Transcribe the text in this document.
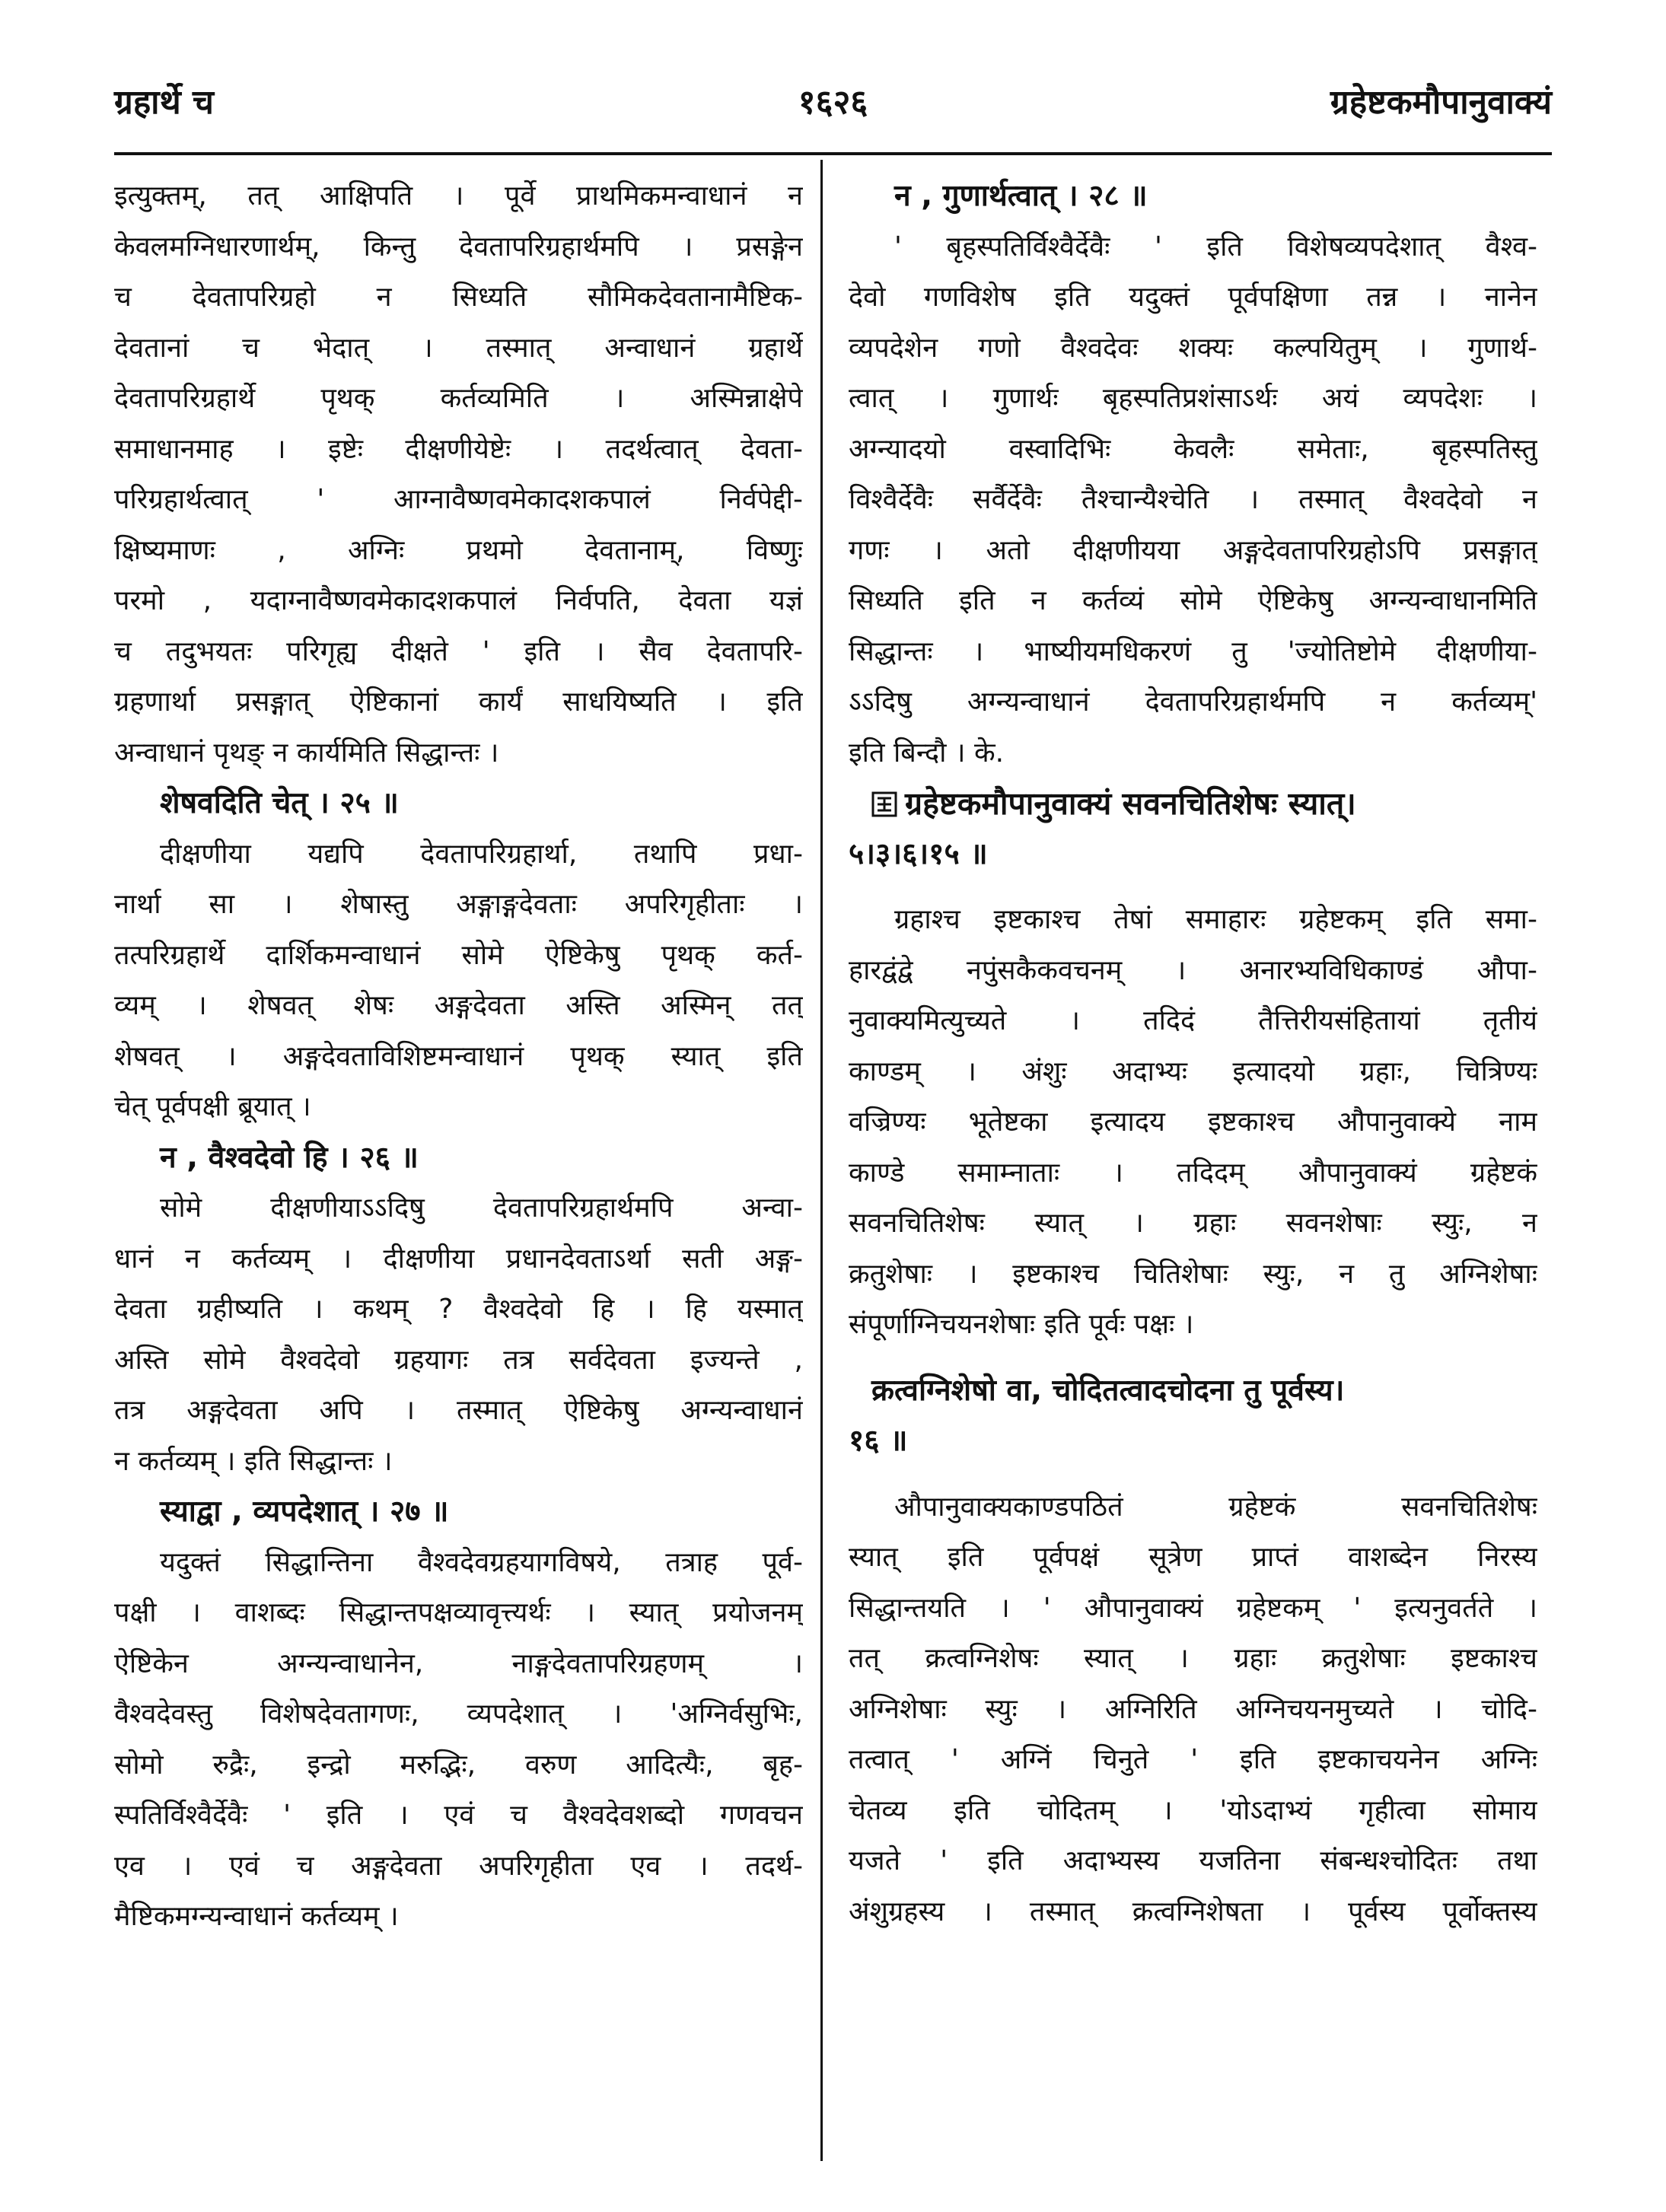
ग्रहार्थे च	१६२६	ग्रहेष्टकमौपानुवाक्यं
इत्युक्तम्, तत् आक्षिपति । पूर्वे प्राथमिकमन्वाधानं न
केवलमग्निधारणार्थम्, किन्तु देवतापरिग्रहार्थमपि । प्रसङ्गेन
च देवतापरिग्रहो न सिध्यति सौमिकदेवतानामैष्टिक-
देवतानां च भेदात् । तस्मात् अन्वाधानं ग्रहार्थे
देवतापरिग्रहार्थे पृथक् कर्तव्यमिति । अस्मिन्नाक्षेपे
समाधानमाह । इष्टेः दीक्षणीयेष्टेः । तदर्थत्वात् देवता-
परिग्रहार्थत्वात् ' आग्नावैष्णवमेकादशकपालं निर्वपेद्दी-
क्षिष्यमाणः , अग्निः प्रथमो देवतानाम्, विष्णुः
परमो , यदाग्नावैष्णवमेकादशकपालं निर्वपति, देवता यज्ञं
च तदुभयतः परिगृह्य दीक्षते ' इति । सैव देवतापरि-
ग्रहणार्था प्रसङ्गात् ऐष्टिकानां कार्यं साधयिष्यति । इति
अन्वाधानं पृथङ् न कार्यमिति सिद्धान्तः ।
शेषवदिति चेत् । २५ ॥
दीक्षणीया यद्यपि देवतापरिग्रहार्था, तथापि प्रधा-
नार्था सा । शेषास्तु अङ्गाङ्गदेवताः अपरिगृहीताः ।
तत्परिग्रहार्थे दार्शिकमन्वाधानं सोमे ऐष्टिकेषु पृथक् कर्त-
व्यम् । शेषवत् शेषः अङ्गदेवता अस्ति अस्मिन् तत्
शेषवत् । अङ्गदेवताविशिष्टमन्वाधानं पृथक् स्यात् इति
चेत् पूर्वपक्षी ब्रूयात् ।
न , वैश्वदेवो हि । २६ ॥
सोमे दीक्षणीयाऽऽदिषु देवतापरिग्रहार्थमपि अन्वा-
धानं न कर्तव्यम् । दीक्षणीया प्रधानदेवताऽर्था सती अङ्ग-
देवता ग्रहीष्यति । कथम् ? वैश्वदेवो हि । हि यस्मात्
अस्ति सोमे वैश्वदेवो ग्रहयागः तत्र सर्वदेवता इज्यन्ते ,
तत्र अङ्गदेवता अपि । तस्मात् ऐष्टिकेषु अग्न्यन्वाधानं
न कर्तव्यम् । इति सिद्धान्तः ।
स्याद्वा , व्यपदेशात् । २७ ॥
यदुक्तं सिद्धान्तिना वैश्वदेवग्रहयागविषये, तत्राह पूर्व-
पक्षी । वाशब्दः सिद्धान्तपक्षव्यावृत्त्यर्थः । स्यात् प्रयोजनम्
ऐष्टिकेन अग्न्यन्वाधानेन, नाङ्गदेवतापरिग्रहणम् ।
वैश्वदेवस्तु विशेषदेवतागणः, व्यपदेशात् । 'अग्निर्वसुभिः,
सोमो रुद्रैः, इन्द्रो मरुद्भिः, वरुण आदित्यैः, बृह-
स्पतिर्विश्वैर्देवैः ' इति । एवं च वैश्वदेवशब्दो गणवचन
एव । एवं च अङ्गदेवता अपरिगृहीता एव । तदर्थ-
मैष्टिकमग्न्यन्वाधानं कर्तव्यम् ।
न , गुणार्थत्वात् । २८ ॥
' बृहस्पतिर्विश्वैर्देवैः ' इति विशेषव्यपदेशात् वैश्व-
देवो गणविशेष इति यदुक्तं पूर्वपक्षिणा तन्न । नानेन
व्यपदेशेन गणो वैश्वदेवः शक्यः कल्पयितुम् । गुणार्थ-
त्वात् । गुणार्थः बृहस्पतिप्रशंसाऽर्थः अयं व्यपदेशः ।
अग्न्यादयो वस्वादिभिः केवलैः समेताः, बृहस्पतिस्तु
विश्वैर्देवैः सर्वैर्देवैः तैश्चान्यैश्चेति । तस्मात् वैश्वदेवो न
गणः । अतो दीक्षणीयया अङ्गदेवतापरिग्रहोऽपि प्रसङ्गात्
सिध्यति इति न कर्तव्यं सोमे ऐष्टिकेषु अग्न्यन्वाधानमिति
सिद्धान्तः । भाष्यीयमधिकरणं तु 'ज्योतिष्टोमे दीक्षणीया-
ऽऽदिषु अग्न्यन्वाधानं देवतापरिग्रहार्थमपि न कर्तव्यम्'
इति बिन्दौ । के.
ग्रहेष्टकमौपानुवाक्यं सवनचितिशेषः स्यात्।
५।३।६।१५ ॥
ग्रहाश्च इष्टकाश्च तेषां समाहारः ग्रहेष्टकम् इति समा-
हारद्वंद्वे नपुंसकैकवचनम् । अनारभ्यविधिकाण्डं औपा-
नुवाक्यमित्युच्यते । तदिदं तैत्तिरीयसंहितायां तृतीयं
काण्डम् । अंशुः अदाभ्यः इत्यादयो ग्रहाः, चित्रिण्यः
वज्रिण्यः भूतेष्टका इत्यादय इष्टकाश्च औपानुवाक्ये नाम
काण्डे समाम्नाताः । तदिदम् औपानुवाक्यं ग्रहेष्टकं
सवनचितिशेषः स्यात् । ग्रहाः सवनशेषाः स्युः, न
क्रतुशेषाः । इष्टकाश्च चितिशेषाः स्युः, न तु अग्निशेषाः
संपूर्णाग्निचयनशेषाः इति पूर्वः पक्षः ।
क्रत्वग्निशेषो वा, चोदितत्वादचोदना तु पूर्वस्य।
१६ ॥
औपानुवाक्यकाण्डपठितं ग्रहेष्टकं सवनचितिशेषः
स्यात् इति पूर्वपक्षं सूत्रेण प्राप्तं वाशब्देन निरस्य
सिद्धान्तयति । ' औपानुवाक्यं ग्रहेष्टकम् ' इत्यनुवर्तते ।
तत् क्रत्वग्निशेषः स्यात् । ग्रहाः क्रतुशेषाः इष्टकाश्च
अग्निशेषाः स्युः । अग्निरिति अग्निचयनमुच्यते । चोदि-
तत्वात् ' अग्निं चिनुते ' इति इष्टकाचयनेन अग्निः
चेतव्य इति चोदितम् । 'योऽदाभ्यं गृहीत्वा सोमाय
यजते ' इति अदाभ्यस्य यजतिना संबन्धश्चोदितः तथा
अंशुग्रहस्य । तस्मात् क्रत्वग्निशेषता । पूर्वस्य पूर्वोक्तस्य
